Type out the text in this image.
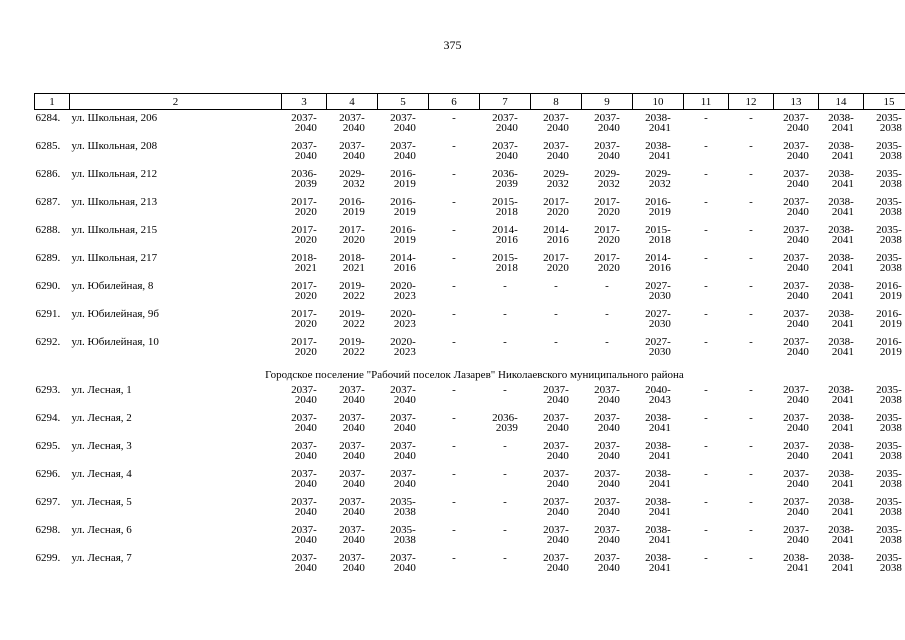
375
1	2	3	4	5	6	7	8	9	10	11	12	13	14	15
6284.	ул. Школьная, 206	2037-
2040	2037-
2040	2037-
2040	-	2037-
2040	2037-
2040	2037-
2040	2038-
2041	-	-	2037-
2040	2038-
2041	2035-
2038
6285.	ул. Школьная, 208	2037-
2040	2037-
2040	2037-
2040	-	2037-
2040	2037-
2040	2037-
2040	2038-
2041	-	-	2037-
2040	2038-
2041	2035-
2038
6286.	ул. Школьная, 212	2036-
2039	2029-
2032	2016-
2019	-	2036-
2039	2029-
2032	2029-
2032	2029-
2032	-	-	2037-
2040	2038-
2041	2035-
2038
6287.	ул. Школьная, 213	2017-
2020	2016-
2019	2016-
2019	-	2015-
2018	2017-
2020	2017-
2020	2016-
2019	-	-	2037-
2040	2038-
2041	2035-
2038
6288.	ул. Школьная, 215	2017-
2020	2017-
2020	2016-
2019	-	2014-
2016	2014-
2016	2017-
2020	2015-
2018	-	-	2037-
2040	2038-
2041	2035-
2038
6289.	ул. Школьная, 217	2018-
2021	2018-
2021	2014-
2016	-	2015-
2018	2017-
2020	2017-
2020	2014-
2016	-	-	2037-
2040	2038-
2041	2035-
2038
6290.	ул. Юбилейная, 8	2017-
2020	2019-
2022	2020-
2023	-	-	-	-	2027-
2030	-	-	2037-
2040	2038-
2041	2016-
2019
6291.	ул. Юбилейная, 9б	2017-
2020	2019-
2022	2020-
2023	-	-	-	-	2027-
2030	-	-	2037-
2040	2038-
2041	2016-
2019
6292.	ул. Юбилейная, 10	2017-
2020	2019-
2022	2020-
2023	-	-	-	-	2027-
2030	-	-	2037-
2040	2038-
2041	2016-
2019
Городское поселение "Рабочий поселок Лазарев" Николаевского муниципального района														
6293.	ул. Лесная, 1	2037-
2040	2037-
2040	2037-
2040	-	-	2037-
2040	2037-
2040	2040-
2043	-	-	2037-
2040	2038-
2041	2035-
2038
6294.	ул. Лесная, 2	2037-
2040	2037-
2040	2037-
2040	-	2036-
2039	2037-
2040	2037-
2040	2038-
2041	-	-	2037-
2040	2038-
2041	2035-
2038
6295.	ул. Лесная, 3	2037-
2040	2037-
2040	2037-
2040	-	-	2037-
2040	2037-
2040	2038-
2041	-	-	2037-
2040	2038-
2041	2035-
2038
6296.	ул. Лесная, 4	2037-
2040	2037-
2040	2037-
2040	-	-	2037-
2040	2037-
2040	2038-
2041	-	-	2037-
2040	2038-
2041	2035-
2038
6297.	ул. Лесная, 5	2037-
2040	2037-
2040	2035-
2038	-	-	2037-
2040	2037-
2040	2038-
2041	-	-	2037-
2040	2038-
2041	2035-
2038
6298.	ул. Лесная, 6	2037-
2040	2037-
2040	2035-
2038	-	-	2037-
2040	2037-
2040	2038-
2041	-	-	2037-
2040	2038-
2041	2035-
2038
6299.	ул. Лесная, 7	2037-
2040	2037-
2040	2037-
2040	-	-	2037-
2040	2037-
2040	2038-
2041	-	-	2038-
2041	2038-
2041	2035-
2038
